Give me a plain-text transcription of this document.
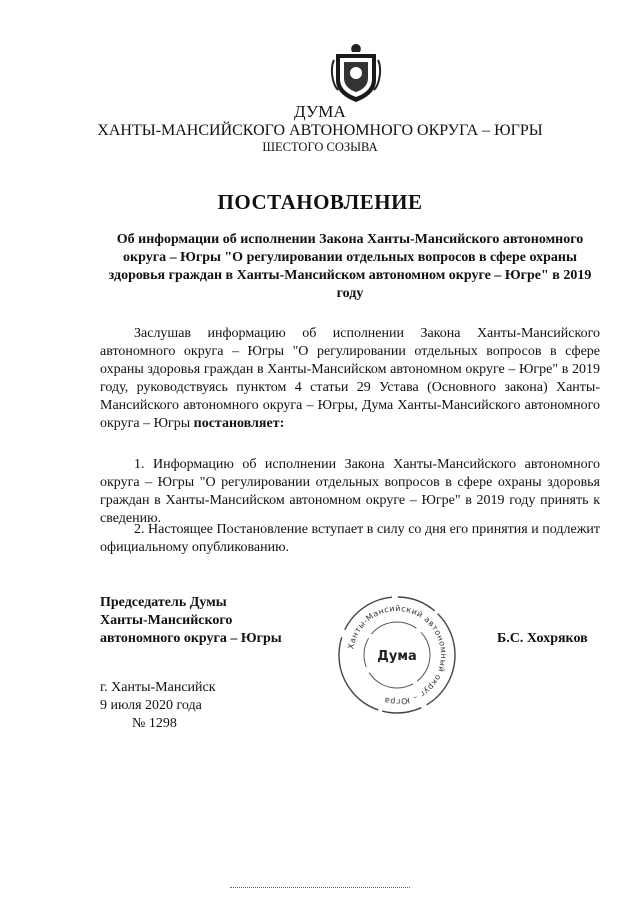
ДУМА
ХАНТЫ-МАНСИЙСКОГО АВТОНОМНОГО ОКРУГА – ЮГРЫ
ШЕСТОГО СОЗЫВА
ПОСТАНОВЛЕНИЕ
Об информации об исполнении Закона Ханты-Мансийского автономного округа – Югры "О регулировании отдельных вопросов в сфере охраны здоровья граждан в Ханты-Мансийском автономном округе – Югре" в 2019 году
Заслушав информацию об исполнении Закона Ханты-Мансийского автономного округа – Югры "О регулировании отдельных вопросов в сфере охраны здоровья граждан в Ханты-Мансийском автономном округе – Югре" в 2019 году, руководствуясь пунктом 4 статьи 29 Устава (Основного закона) Ханты-Мансийского автономного округа – Югры, Дума Ханты-Мансийского автономного округа – Югры постановляет:
1. Информацию об исполнении Закона Ханты-Мансийского автономного округа – Югры "О регулировании отдельных вопросов в сфере охраны здоровья граждан в Ханты-Мансийском автономном округе – Югре" в 2019 году принять к сведению.
2. Настоящее Постановление вступает в силу со дня его принятия и подлежит официальному опубликованию.
Председатель Думы
Ханты-Мансийского
автономного округа – Югры
Ханты-Мансийский автономный округ – Югра
Дума
Б.С. Хохряков
г. Ханты-Мансийск
9 июля 2020 года
№ 1298
